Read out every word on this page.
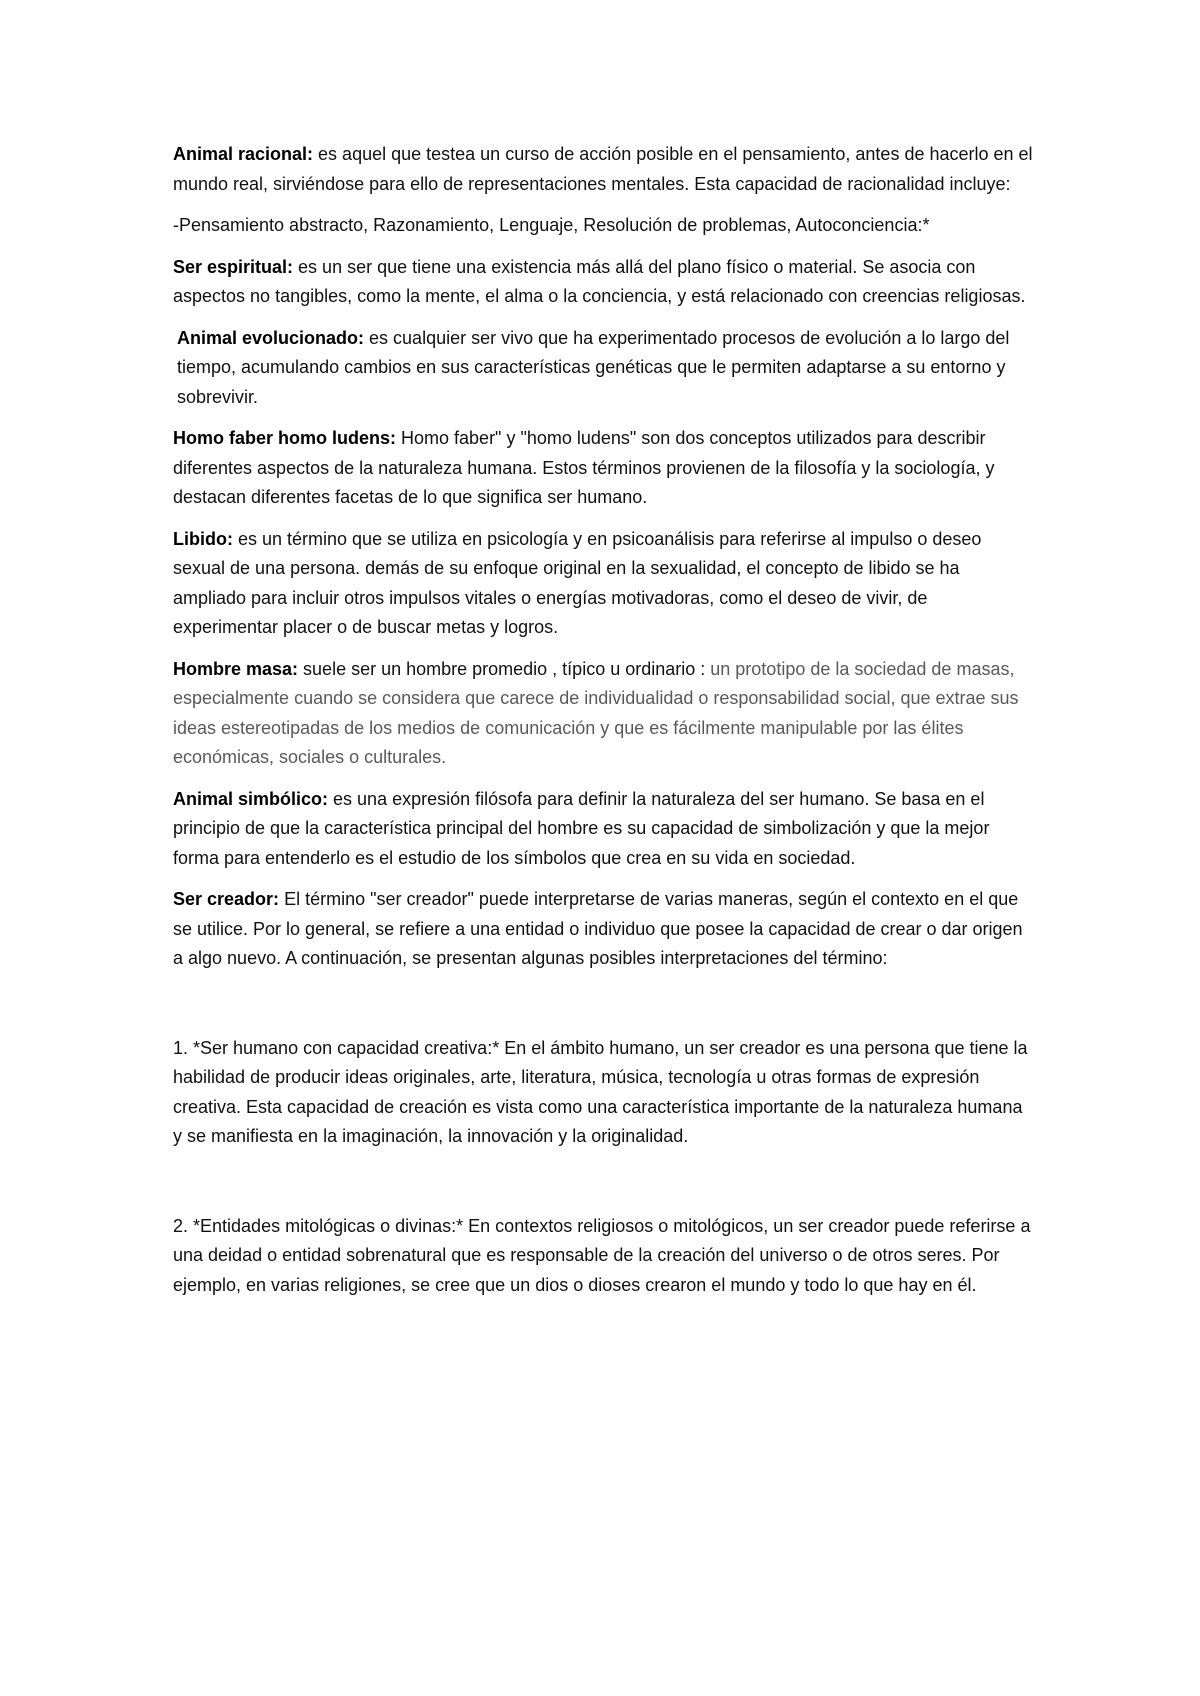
Animal racional: es aquel que testea un curso de acción posible en el pensamiento, antes de hacerlo en el mundo real, sirviéndose para ello de representaciones mentales. Esta capacidad de racionalidad incluye:

-Pensamiento abstracto, Razonamiento, Lenguaje, Resolución de problemas, Autoconciencia:*

Ser espiritual: es un ser que tiene una existencia más allá del plano físico o material. Se asocia con aspectos no tangibles, como la mente, el alma o la conciencia, y está relacionado con creencias religiosas.

Animal evolucionado: es cualquier ser vivo que ha experimentado procesos de evolución a lo largo del tiempo, acumulando cambios en sus características genéticas que le permiten adaptarse a su entorno y sobrevivir.

Homo faber homo ludens: Homo faber" y "homo ludens" son dos conceptos utilizados para describir diferentes aspectos de la naturaleza humana. Estos términos provienen de la filosofía y la sociología, y destacan diferentes facetas de lo que significa ser humano.

Libido: es un término que se utiliza en psicología y en psicoanálisis para referirse al impulso o deseo sexual de una persona. demás de su enfoque original en la sexualidad, el concepto de libido se ha ampliado para incluir otros impulsos vitales o energías motivadoras, como el deseo de vivir, de experimentar placer o de buscar metas y logros.

Hombre masa: suele ser un hombre promedio , típico u ordinario : un prototipo de la sociedad de masas, especialmente cuando se considera que carece de individualidad o responsabilidad social, que extrae sus ideas estereotipadas de los medios de comunicación y que es fácilmente manipulable por las élites económicas, sociales o culturales.

Animal simbólico: es una expresión filósofa para definir la naturaleza del ser humano. Se basa en el principio de que la característica principal del hombre es su capacidad de simbolización y que la mejor forma para entenderlo es el estudio de los símbolos que crea en su vida en sociedad.

Ser creador: El término "ser creador" puede interpretarse de varias maneras, según el contexto en el que se utilice. Por lo general, se refiere a una entidad o individuo que posee la capacidad de crear o dar origen a algo nuevo. A continuación, se presentan algunas posibles interpretaciones del término:

1. *Ser humano con capacidad creativa:* En el ámbito humano, un ser creador es una persona que tiene la habilidad de producir ideas originales, arte, literatura, música, tecnología u otras formas de expresión creativa. Esta capacidad de creación es vista como una característica importante de la naturaleza humana y se manifiesta en la imaginación, la innovación y la originalidad.

2. *Entidades mitológicas o divinas:* En contextos religiosos o mitológicos, un ser creador puede referirse a una deidad o entidad sobrenatural que es responsable de la creación del universo o de otros seres. Por ejemplo, en varias religiones, se cree que un dios o dioses crearon el mundo y todo lo que hay en él.
